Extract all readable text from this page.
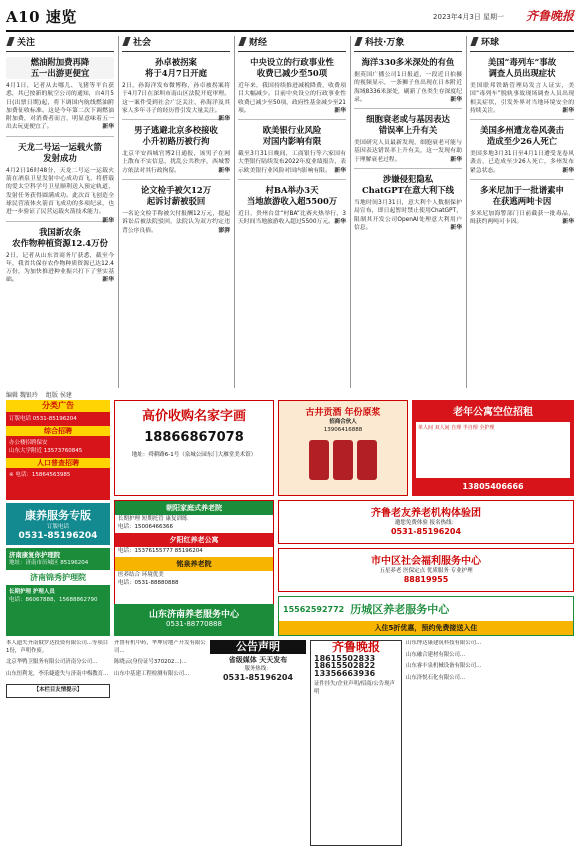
A10 速览	2023年4月3日 星期一 齐鲁晚报
关注
燃油附加费再降
五一出游更便宜
4月1日，记者从去哪儿、飞猪等平台获悉，其已按新的航空公司的通知，自4月5日(出票日期)起，将下调国内航线燃油附加费征收标准。这是今年第二次下调燃油附加费，对消费者而言，明显意味着五一出去玩更便宜了。	新华
天龙二号运一运载火箭
发射成功
4月2日16时48分，天龙二号运一运载火箭在酒泉卫星发射中心成功首飞，将搭载的爱太空科学号卫星顺利送入预定轨道，发射任务获得圆满成功。此次首飞创造全球民营液体火箭首飞成功的多项纪录，也进一步验证了民营运载火箭技术能力。
新华
我国新农条
农作物种植资源12.4万份
2日，记者从山东省商务厅获悉，截至今年，我省共保存农作物种质资源已达12.4万份，为加快推进种业振兴打下了坚实基础。	新华
社会
孙卓被拐案
将于4月7日开庭
2日，孙海洋发布微博称，孙卓被拐案将于4月7日在深圳市南山区法院开庭审理。这一案件受到社会广泛关注，孙海洋及其家人多年寻子的经历曾引发大量关注。
新华
男子逃避北京多校接收
小升初路历被行拘
北京平安西城官博2日通报，该男子在网上散布不实信息，扰乱公共秩序，西城警方依法对其行政拘留。	新华
论文检手被欠12万
起诉讨薪被驳回
一名论文检手称被欠付报酬12万元，提起诉讼后被法院驳回，法院认为双方约定违背公序良俗。	澎湃
财经
中央设立的行政事业性
收费已减少至50项
近年来，我国持续推进减税降费，收费项目大幅减少。目前中央设立的行政事业性收费已减少至50项，政府性基金减少至21项。	新华
欧美银行业风险
对国内影响有限
截至3月31日晚间，工商银行等六家国有大型银行陆续发布2022年度业绩报告，表示欧美银行业风险对国内影响有限。 新华
村BA举办3天
当地旅游收入超5500万
近日，贵州台盘“村BA”比赛火热举行，3天时间当地旅游收入超过5500万元。 新华
科技·万象
海洋330多米深处的有鱼
据英国广播公司1日报道，一段近日拍摄的视频显示，一条狮子鱼出现在日本附近海域8336米深处，刷新了鱼类生存深度纪录。	新华
细胞衰老或与基因表达
错误率上升有关
美国研究人员最新发现，细胞衰老可能与基因表达错误率上升有关，这一发现有助于理解衰老过程。	新华
涉嫌侵犯隐私
ChatGPT在意大利下线
当地时间3月31日，意大利个人数据保护局宣布，即日起暂时禁止使用ChatGPT，限制其开发公司OpenAI处理意大利用户信息。	新华
环球
美国“毒列车”事故
调查人员出现症状
美国联邦铁路管理局发言人证实，美国“毒列车”脱轨事故现场调查人员出现相关症状，引发外界对当地环境安全的持续关注。	新华
美国多州遭龙卷风袭击
造成至少26人死亡
美国多地3月31日至4月1日遭受龙卷风袭击，已造成至少26人死亡，多州发布紧急状态。	新华
多米尼加于一批谱素申
在获逃两吨卡因
多米尼加海警部门日前截获一批毒品，缉获约两吨可卡因。	新华
编辑 魏银玲 组版 侯建
分类广告
订版电话 0531-85196204
综合招聘
办公楼招聘保安
山东大学附近 13573760845
人口普查招聘
※ 电话：15864563985
康养服务专版
订版电话
0531-85196204
济南康复你护理院
地址：济南市历城区 85196204
济南锦秀护理院
长期护理 护理人员
电话：86067888，15688862790
高价收购名家字画
18866867078
地址：舜耕路6-1号（泉城公园东门大雁堂美术馆）
古井贡酒 年份原浆
招商合伙人
13906416888
老年公寓空位招租
单人间 双人间 自理 半自理 全护理
13805406666
朝阳家庭式养老院
长期护理 短期托管 康复训练
电话：15006466366
夕阳红养老公寓
电话：15376155777 85196204
铭泉养老院
医养结合 环境优美
电话：0531-88880888
齐鲁老友养老机构体验团
邀您免费体验 报名热线：
0531-85196204
市中区社会福利服务中心
五星养老 医保定点 优质服务 专业护理
88819955
15562592772 历城区养老服务中心
入住5折优惠，预约免费接送入住
山东济南养老服务中心
0531-88770888
本人遗失齐南俄罗达投资有限公司...等项目1份，声明作废。
北京华鸭卫服务有限公司济南分公司...
山东恒利龙，李乐婕遗失与济南中梅教育...
【本栏目友情提示】
齐鲁有机中药，华坤房地产开发有限公司...
陈晓云(身份证号370202...)...
山东中基建工程检测有限公司...
公告声明
省级媒体 天天发布
服务热线：
0531-85196204
齐鲁晚报
18615502833
18615502822
13356663936
证件挂失/企业声明/招商/公告现声明
山东博达康建筑科技有限公司...
山东融合建材有限公司...
山东睿丰泉机械设备有限公司...
山东泽悦石化有限公司...
